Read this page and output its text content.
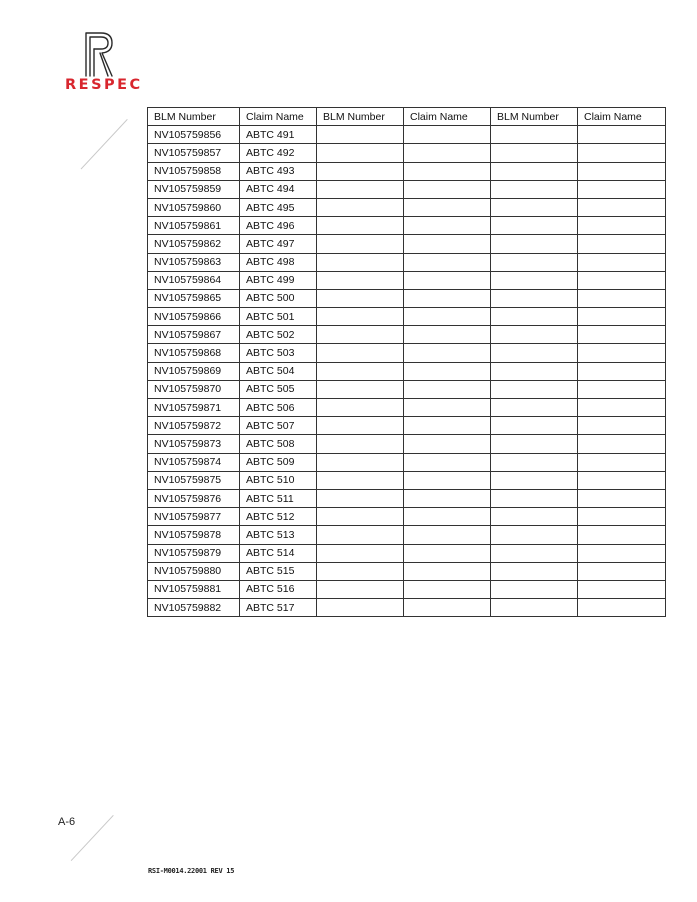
RESPEC
BLM Number	Claim Name	BLM Number	Claim Name	BLM Number	Claim Name
NV105759856	ABTC 491				
NV105759857	ABTC 492				
NV105759858	ABTC 493				
NV105759859	ABTC 494				
NV105759860	ABTC 495				
NV105759861	ABTC 496				
NV105759862	ABTC 497				
NV105759863	ABTC 498				
NV105759864	ABTC 499				
NV105759865	ABTC 500				
NV105759866	ABTC 501				
NV105759867	ABTC 502				
NV105759868	ABTC 503				
NV105759869	ABTC 504				
NV105759870	ABTC 505				
NV105759871	ABTC 506				
NV105759872	ABTC 507				
NV105759873	ABTC 508				
NV105759874	ABTC 509				
NV105759875	ABTC 510				
NV105759876	ABTC 511				
NV105759877	ABTC 512				
NV105759878	ABTC 513				
NV105759879	ABTC 514				
NV105759880	ABTC 515				
NV105759881	ABTC 516				
NV105759882	ABTC 517				
A-6
RSI-M0014.22001 REV 15
